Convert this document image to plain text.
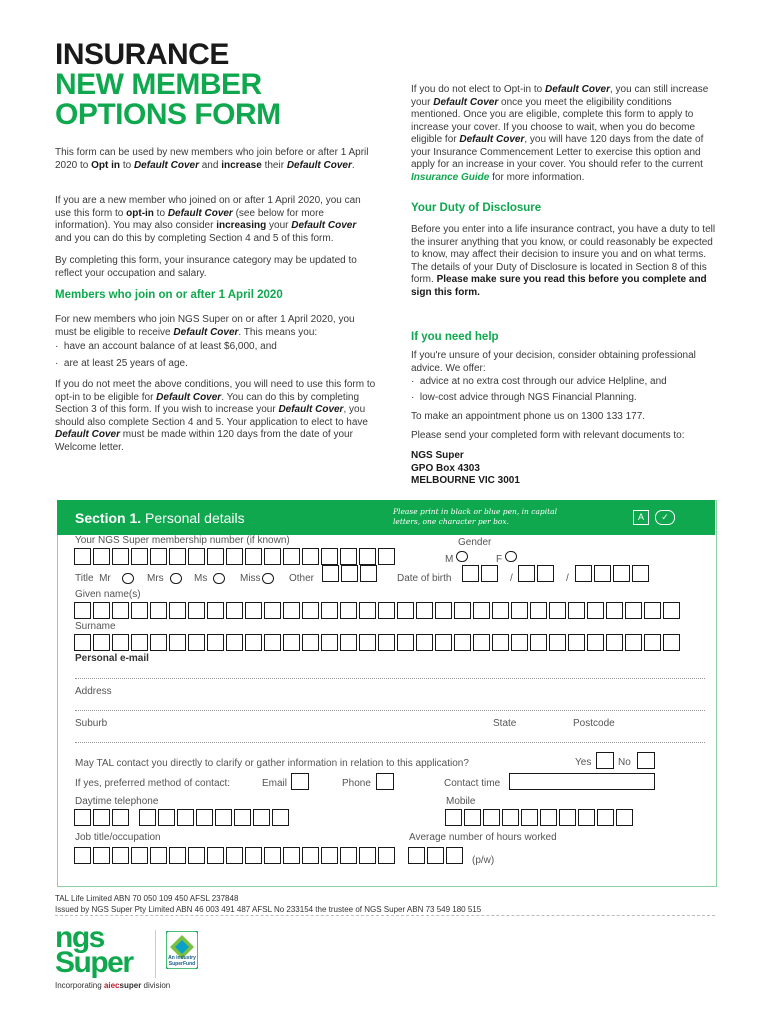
INSURANCE
NEW MEMBER
OPTIONS FORM
This form can be used by new members who join before or after 1 April 2020 to Opt in to Default Cover and increase their Default Cover.
If you are a new member who joined on or after 1 April 2020, you can use this form to opt-in to Default Cover (see below for more information). You may also consider increasing your Default Cover and you can do this by completing Section 4 and 5 of this form.
By completing this form, your insurance category may be updated to reflect your occupation and salary.
Members who join on or after 1 April 2020
For new members who join NGS Super on or after 1 April 2020, you must be eligible to receive Default Cover. This means you:
·  have an account balance of at least $6,000, and
·  are at least 25 years of age.
If you do not meet the above conditions, you will need to use this form to opt-in to be eligible for Default Cover. You can do this by completing Section 3 of this form. If you wish to increase your Default Cover, you should also complete Section 4 and 5. Your application to elect to have Default Cover must be made within 120 days from the date of your Welcome letter.
If you do not elect to Opt-in to Default Cover, you can still increase your Default Cover once you meet the eligibility conditions mentioned. Once you are eligible, complete this form to apply to increase your cover. If you choose to wait, when you do become eligible for Default Cover, you will have 120 days from the date of your Insurance Commencement Letter to exercise this option and apply for an increase in your cover. You should refer to the current Insurance Guide for more information.
Your Duty of Disclosure
Before you enter into a life insurance contract, you have a duty to tell the insurer anything that you know, or could reasonably be expected to know, may affect their decision to insure you and on what terms. The details of your Duty of Disclosure is located in Section 8 of this form. Please make sure you read this before you complete and sign this form.
If you need help
If you're unsure of your decision, consider obtaining professional advice. We offer:
·  advice at no extra cost through our advice Helpline, and
·  low-cost advice through NGS Financial Planning.
To make an appointment phone us on 1300 133 177.
Please send your completed form with relevant documents to:
NGS Super
GPO Box 4303
MELBOURNE VIC 3001
Section 1. Personal details	Please print in black or blue pen, in capital letters, one character per box.	A	✓
Your NGS Super membership number (if known)	Gender
M	F
Title Mr	Mrs	Ms	Miss	Other	Date of birth	/	/
Given name(s)
Surname
Personal e-mail
Address
Suburb	State	Postcode
May TAL contact you directly to clarify or gather information in relation to this application?	Yes	No
If yes, preferred method of contact:	Email	Phone	Contact time
Daytime telephone	Mobile
Job title/occupation	Average number of hours worked
(p/w)
TAL Life Limited ABN 70 050 109 450 AFSL 237848
Issued by NGS Super Pty Limited ABN 46 003 491 487 AFSL No 233154 the trustee of NGS Super ABN 73 549 180 515
ngs
Super	An industry SuperFund
Incorporating aiecsuper division
